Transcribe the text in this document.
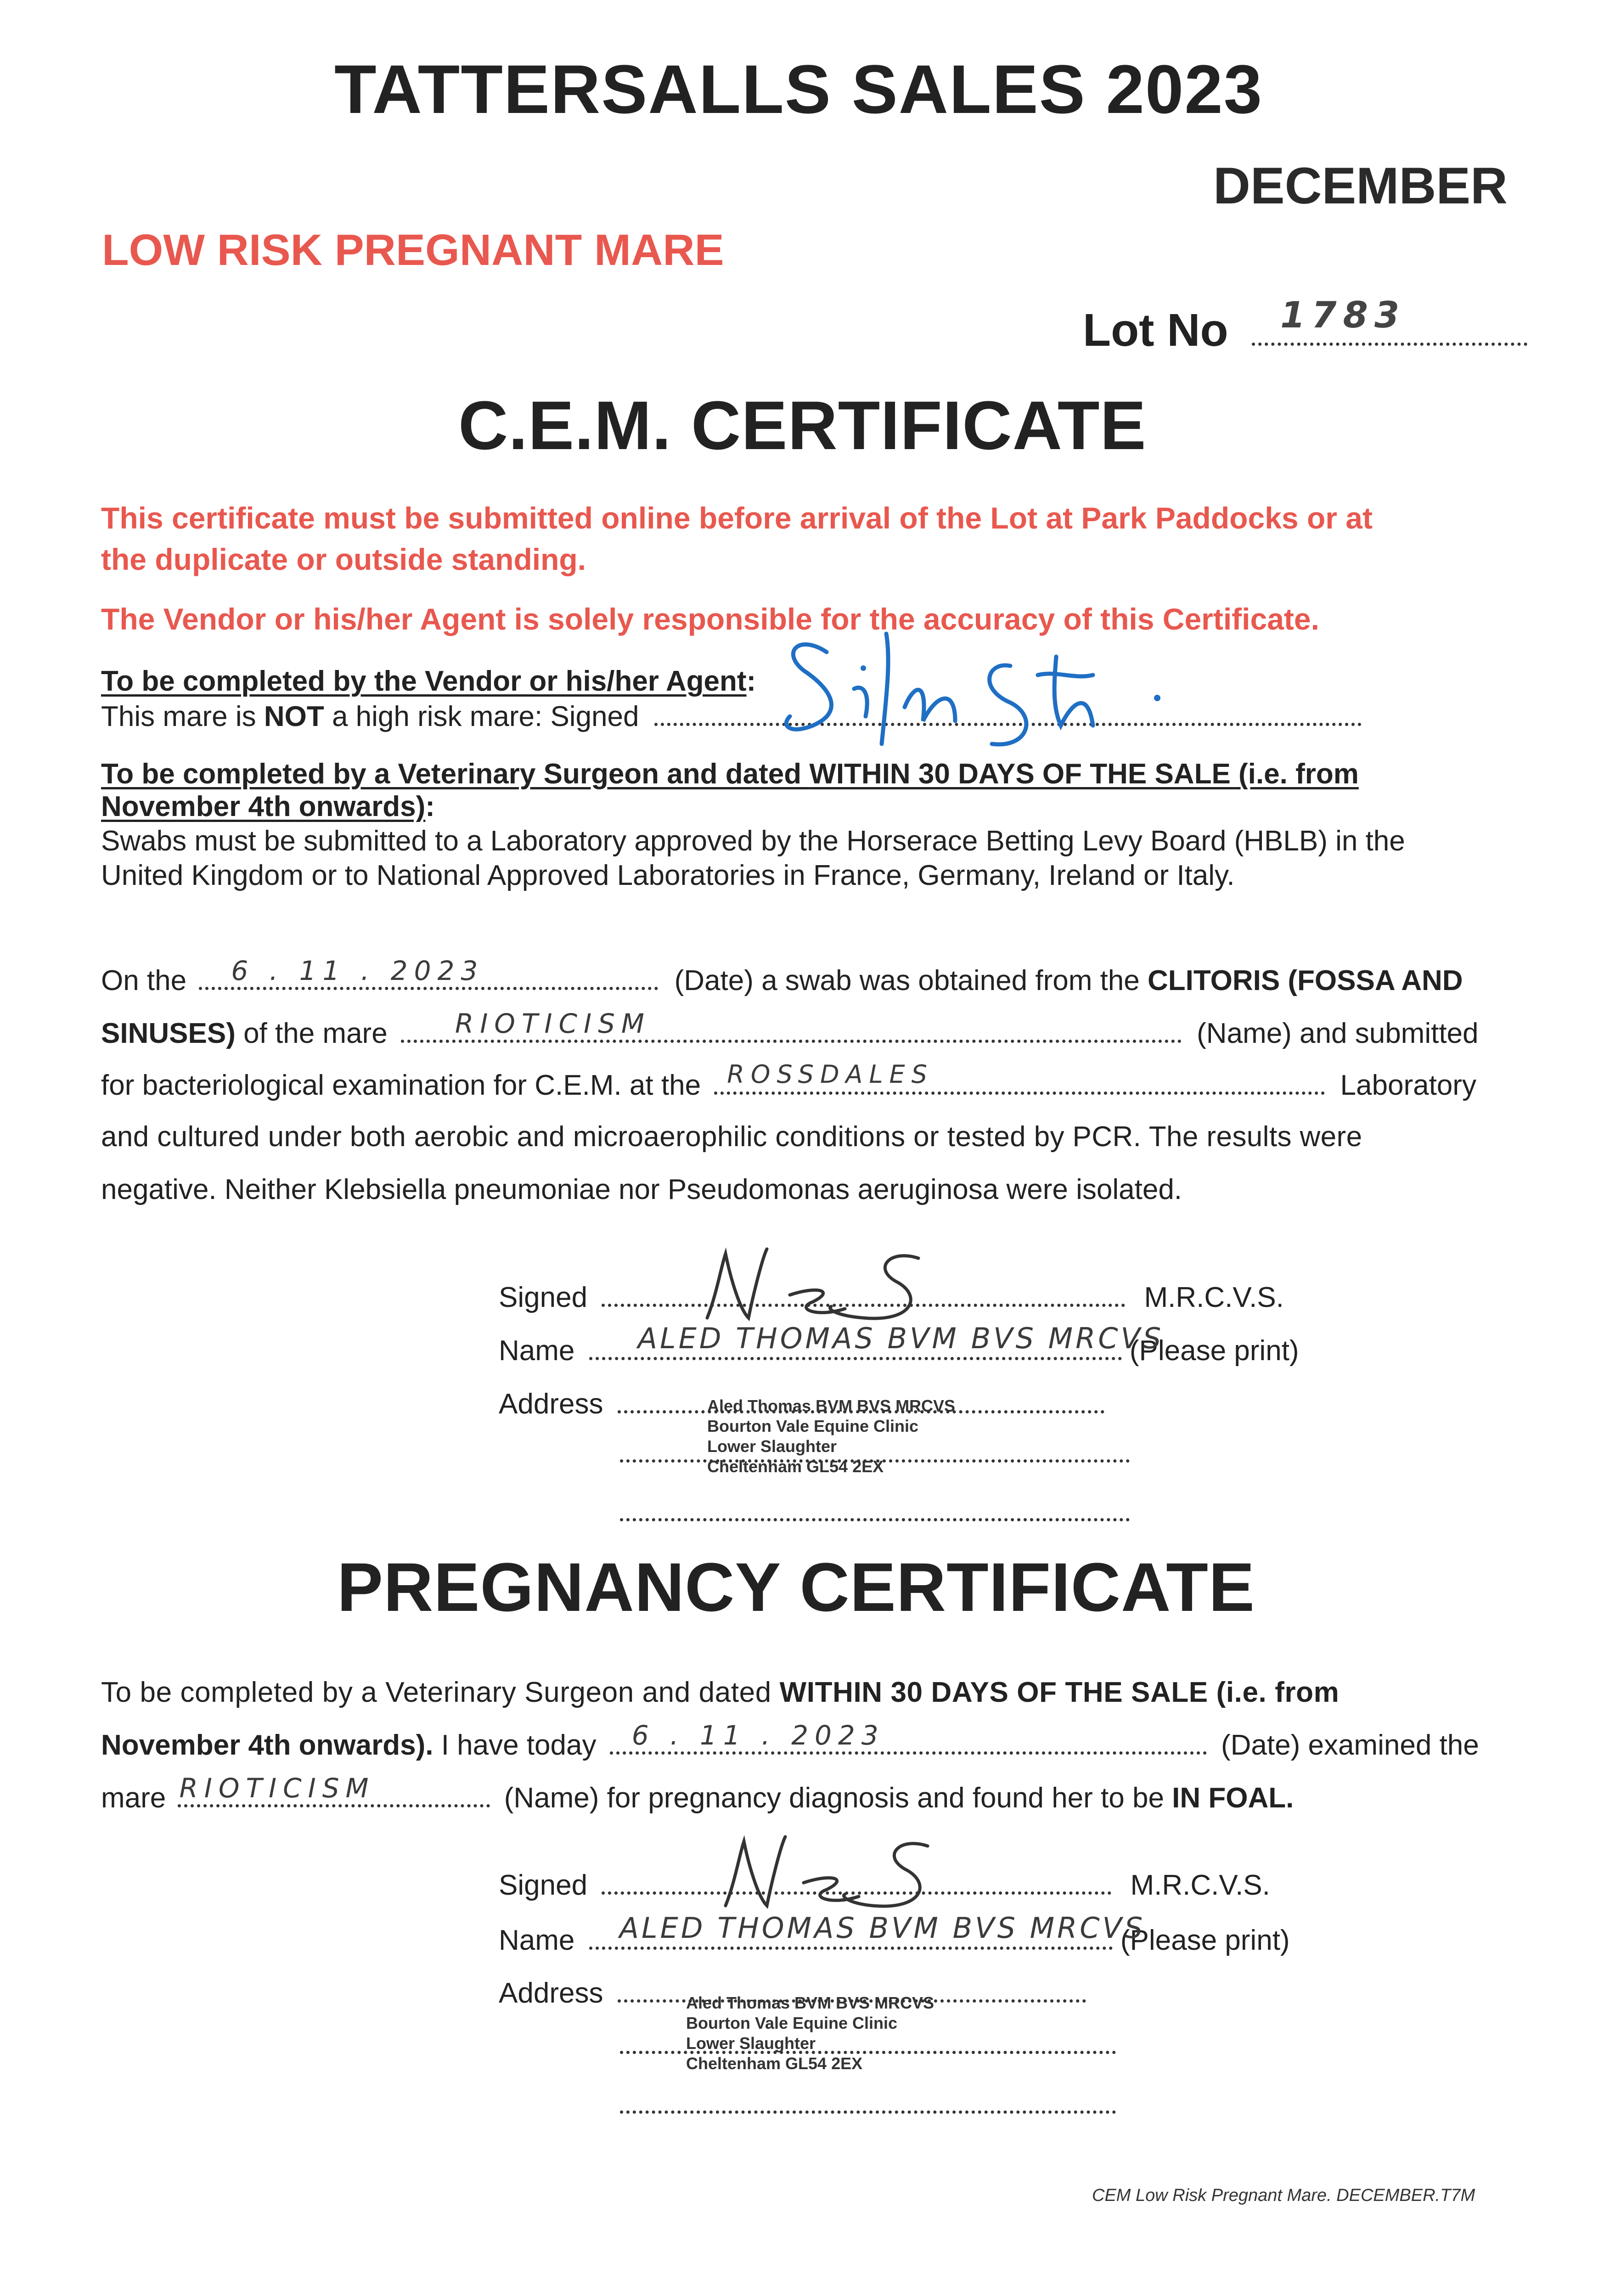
TATTERSALLS SALES 2023
DECEMBER
LOW RISK PREGNANT MARE
Lot No 1783
C.E.M. CERTIFICATE
This certificate must be submitted online before arrival of the Lot at Park Paddocks or at
the duplicate or outside standing.
The Vendor or his/her Agent is solely responsible for the accuracy of this Certificate.
To be completed by the Vendor or his/her Agent:
This mare is NOT a high risk mare: Signed
To be completed by a Veterinary Surgeon and dated WITHIN 30 DAYS OF THE SALE (i.e. from
November 4th onwards):
Swabs must be submitted to a Laboratory approved by the Horserace Betting Levy Board (HBLB) in the
United Kingdom or to National Approved Laboratories in France, Germany, Ireland or Italy.
On the 6 . 11 . 2023	(Date) a swab was obtained from the CLITORIS (FOSSA AND
SINUSES) of the mare	RIOTICISM	(Name) and submitted
for bacteriological examination for C.E.M. at the ROSSDALES	Laboratory
and cultured under both aerobic and microaerophilic conditions or tested by PCR. The results were
negative. Neither Klebsiella pneumoniae nor Pseudomonas aeruginosa were isolated.
Signed	M.R.C.V.S.
Name ALED THOMAS BVM BVS MRCVS
(Please print)
Address	Aled Thomas BVM BVS MRCVS
Bourton Vale Equine Clinic
Lower Slaughter
Cheltenham GL54 2EX
PREGNANCY CERTIFICATE
To be completed by a Veterinary Surgeon and dated WITHIN 30 DAYS OF THE SALE (i.e. from
November 4th onwards). I have today 6 . 11 . 2023	(Date) examined the
mare RIOTICISM	(Name) for pregnancy diagnosis and found her to be IN FOAL.
Signed	M.R.C.V.S.
Name ALED THOMAS BVM BVS MRCVS
(Please print)
Address	Aled Thomas BVM BVS MRCVS
Bourton Vale Equine Clinic
Lower Slaughter
Cheltenham GL54 2EX
CEM Low Risk Pregnant Mare. DECEMBER.T7M
